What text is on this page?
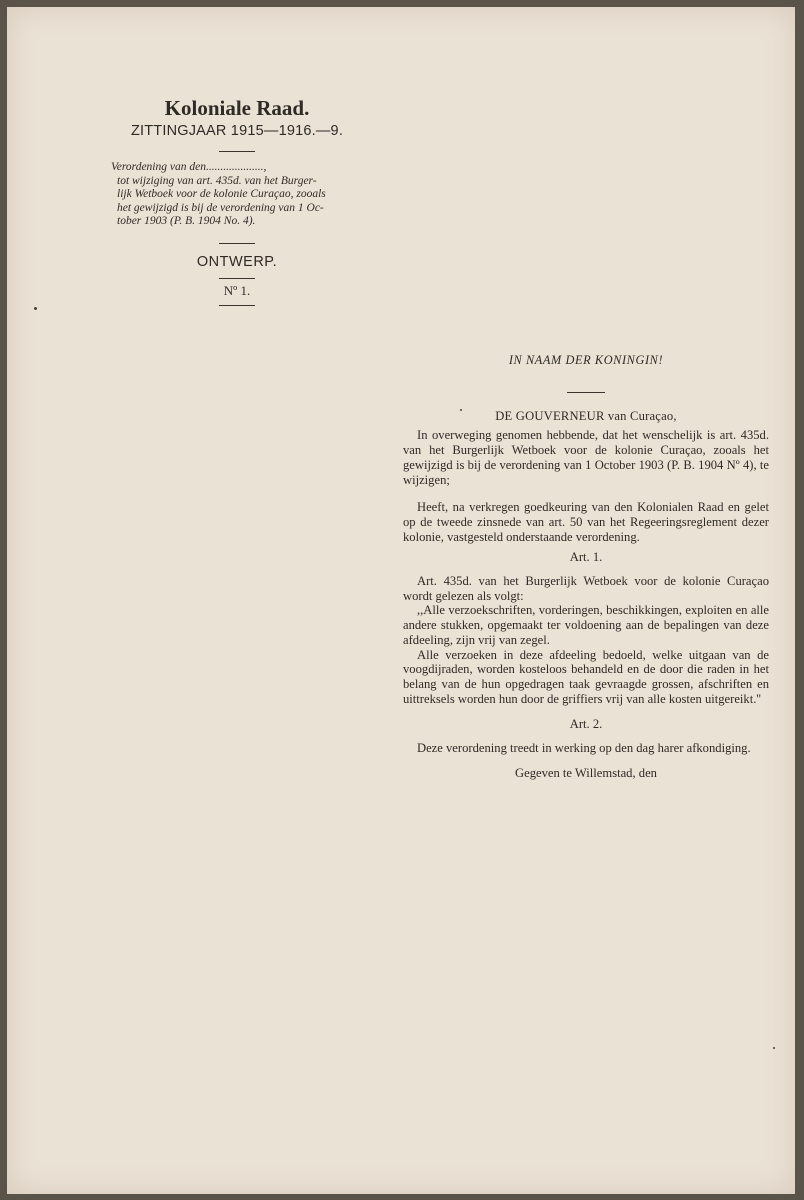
Koloniale Raad.

ZITTINGJAAR 1915—1916.—9.

Verordening van den....................,

tot wijziging van art. 435d. van het Burger-

lijk Wetboek voor de kolonie Curaçao, zooals

het gewijzigd is bij de verordening van 1 Oc-

tober 1903 (P. B. 1904 No. 4).

ONTWERP.

Nº 1.

IN NAAM DER KONINGIN!

DE GOUVERNEUR van Curaçao,

In overweging genomen hebbende, dat het wenschelijk is art. 435d. van het Burgerlijk Wetboek voor de kolonie Curaçao, zooals het gewijzigd is bij de verordening van 1 October 1903 (P. B. 1904 Nº 4), te wijzigen;

Heeft, na verkregen goedkeuring van den Kolonialen Raad en gelet op de tweede zinsnede van art. 50 van het Regeeringsreglement dezer kolonie, vastgesteld onderstaande verordening.

Art. 1.

Art. 435d. van het Burgerlijk Wetboek voor de kolonie Curaçao wordt gelezen als volgt:

,,Alle verzoekschriften, vorderingen, beschikkingen, exploiten en alle andere stukken, opgemaakt ter voldoening aan de bepalingen van deze afdeeling, zijn vrij van zegel.

Alle verzoeken in deze afdeeling bedoeld, welke uitgaan van de voogdijraden, worden kosteloos behandeld en de door die raden in het belang van de hun opgedragen taak gevraagde grossen, afschriften en uittreksels worden hun door de griffiers vrij van alle kosten uitgereikt.''

Art. 2.

Deze verordening treedt in werking op den dag harer afkondiging.

Gegeven te Willemstad, den
